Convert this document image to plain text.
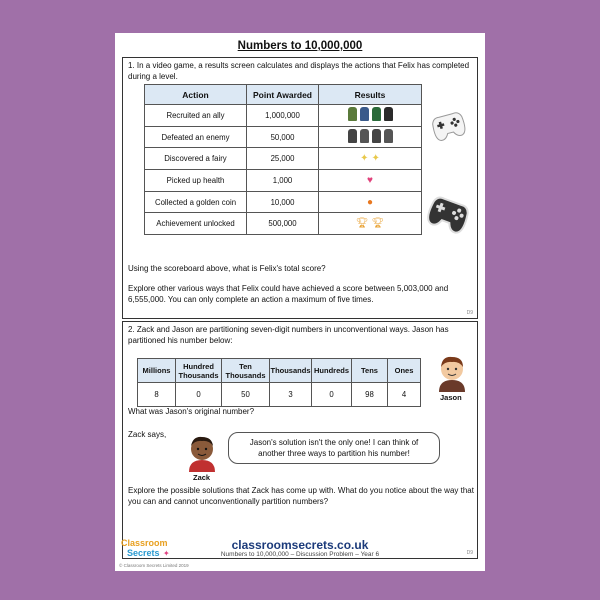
Numbers to 10,000,000
1. In a video game, a results screen calculates and displays the actions that Felix has completed during a level.
Action	Point Awarded	Results
Recruited an ally	1,000,000	

Defeated an enemy	50,000	

Discovered a fairy	25,000	✦ ✦

Picked up health	1,000	♥

Collected a golden coin	10,000	●

Achievement unlocked	500,000	🏆︎ 🏆︎
Using the scoreboard above, what is Felix's total score?
Explore other various ways that Felix could have achieved a score between 5,003,000 and 6,555,000. You can only complete an action a maximum of five times.
D9
2. Zack and Jason are partitioning seven-digit numbers in unconventional ways. Jason has partitioned his number below:
Millions	Hundred Thousands	Ten Thousands	Thousands	Hundreds	Tens	Ones
8	0	50	3	0	98	4	Jason
What was Jason's original number?
Zack says,
Zack
Jason's solution isn't the only one! I can think of another three ways to partition his number!
Explore the possible solutions that Zack has come up with. What do you notice about the way that you can and cannot unconventionally partition numbers?
D9
Classroom
Secrets ✦
classroomsecrets.co.uk
Numbers to 10,000,000 – Discussion Problem – Year 6
© Classroom Secrets Limited 2019
